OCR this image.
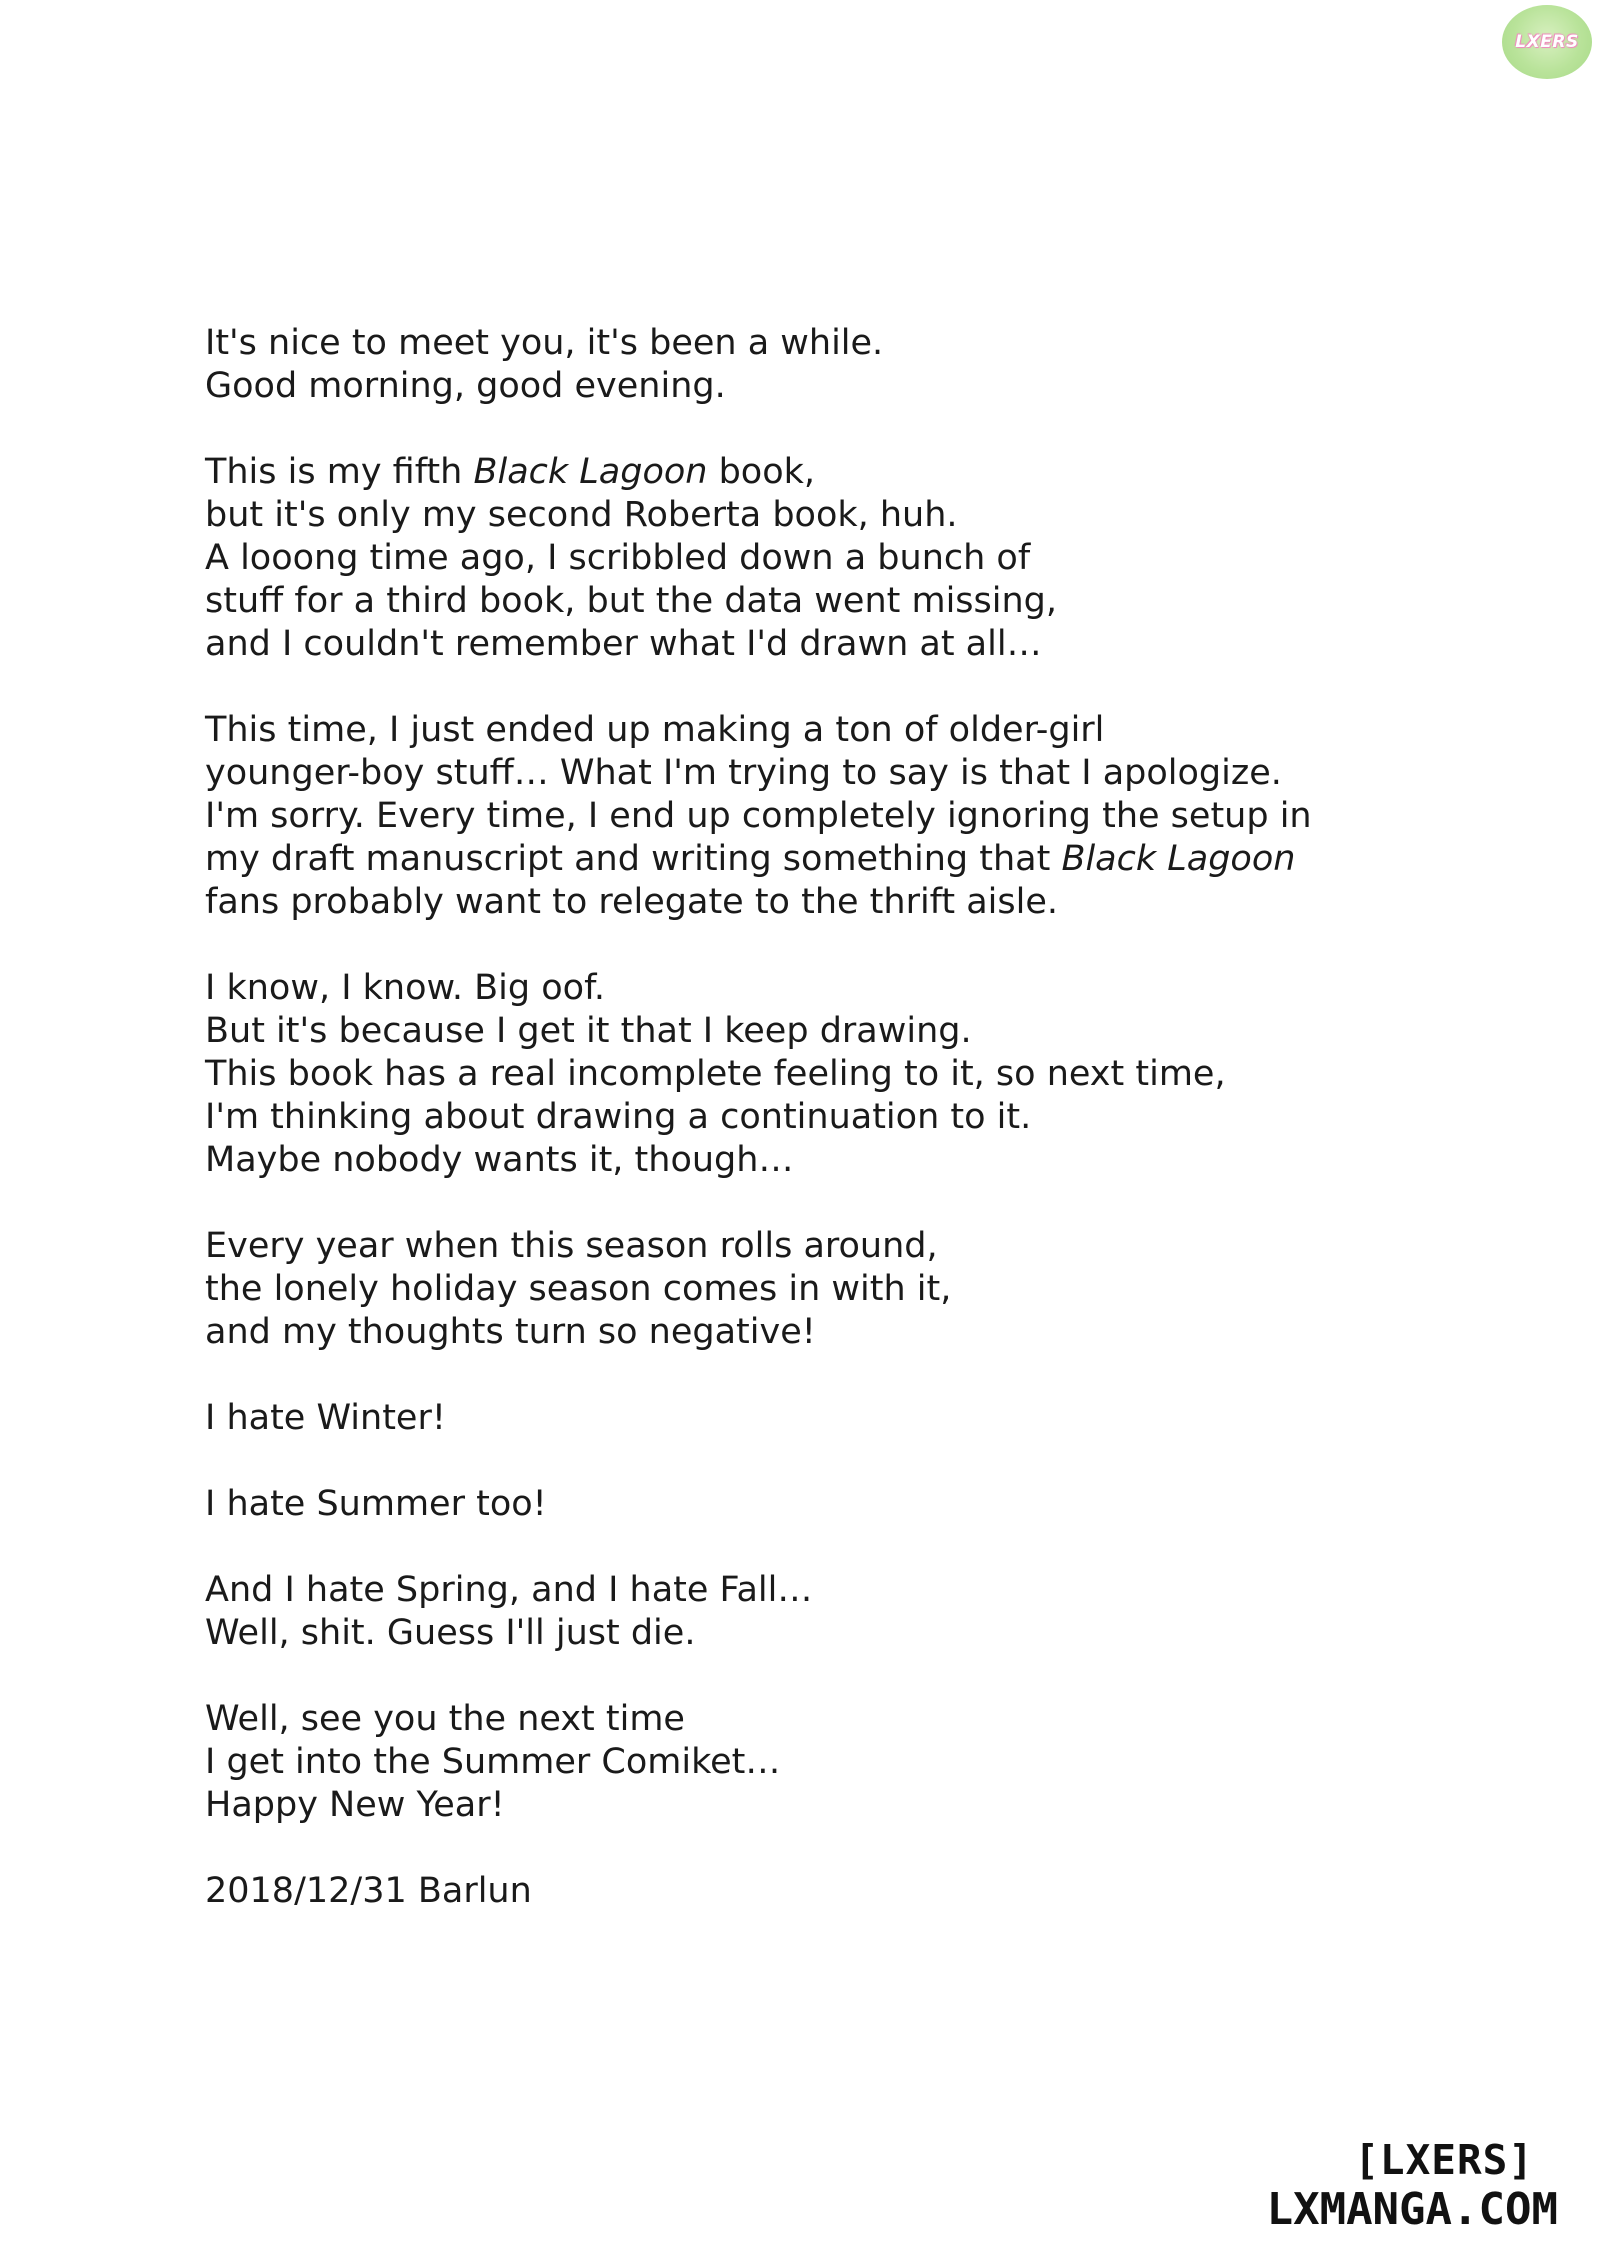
LXERS
It's nice to meet you, it's been a while.
Good morning, good evening.
This is my fifth Black Lagoon book,
but it's only my second Roberta book, huh.
A looong time ago, I scribbled down a bunch of
stuff for a third book, but the data went missing,
and I couldn't remember what I'd drawn at all…
This time, I just ended up making a ton of older-girl
younger-boy stuff… What I'm trying to say is that I apologize.
I'm sorry. Every time, I end up completely ignoring the setup in
my draft manuscript and writing something that Black Lagoon
fans probably want to relegate to the thrift aisle.
I know, I know. Big oof.
But it's because I get it that I keep drawing.
This book has a real incomplete feeling to it, so next time,
I'm thinking about drawing a continuation to it.
Maybe nobody wants it, though…
Every year when this season rolls around,
the lonely holiday season comes in with it,
and my thoughts turn so negative!
I hate Winter!
I hate Summer too!
And I hate Spring, and I hate Fall…
Well, shit. Guess I'll just die.
Well, see you the next time
I get into the Summer Comiket…
Happy New Year!
2018/12/31 Barlun
[LXERS]
LXMANGA.COM
